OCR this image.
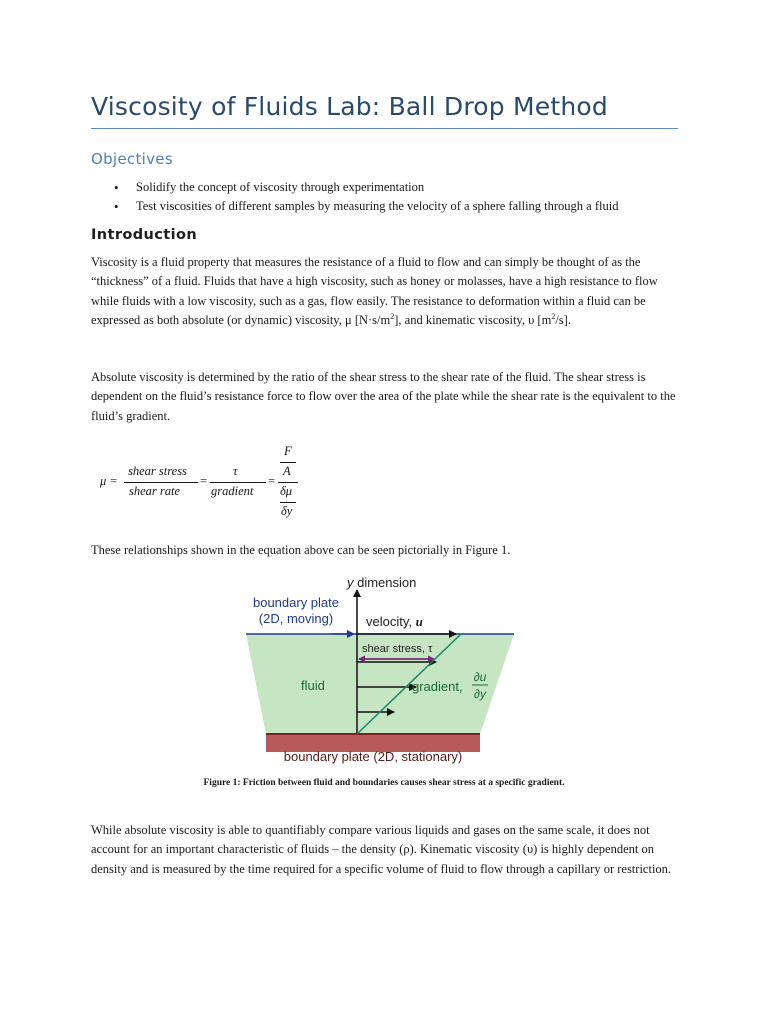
Viscosity of Fluids Lab: Ball Drop Method
Objectives
• Solidify the concept of viscosity through experimentation
• Test viscosities of different samples by measuring the velocity of a sphere falling through a fluid
Introduction

Viscosity is a fluid property that measures the resistance of a fluid to flow and can simply be thought of as the “thickness” of a fluid. Fluids that have a high viscosity, such as honey or molasses, have a high resistance to flow while fluids with a low viscosity, such as a gas, flow easily. The resistance to deformation within a fluid can be expressed as both absolute (or dynamic) viscosity, μ $[N\cdot s/m^2]$, and kinematic viscosity, υ $[m^2/s]$.

Absolute viscosity is determined by the ratio of the shear stress to the shear rate of the fluid. The shear stress is dependent on the fluid’s resistance force to flow over the area of the plate while the shear rate is the equivalent to the fluid’s gradient.

μ =
shear stress
shear rate
=
τ
gradient
=
F
A
δμ
δy

These relationships shown in the equation above can be seen pictorially in Figure 1.

boundary plate (2D, stationary)
y dimension
boundary plate
(2D, moving)	velocity, u
shear stress, τ
fluid	gradient,
∂u
∂y

Figure 1: Friction between fluid and boundaries causes shear stress at a specific gradient.

While absolute viscosity is able to quantifiably compare various liquids and gases on the same scale, it does not account for an important characteristic of fluids – the density (ρ). Kinematic viscosity (υ) is highly dependent on density and is measured by the time required for a specific volume of fluid to flow through a capillary or restriction.
